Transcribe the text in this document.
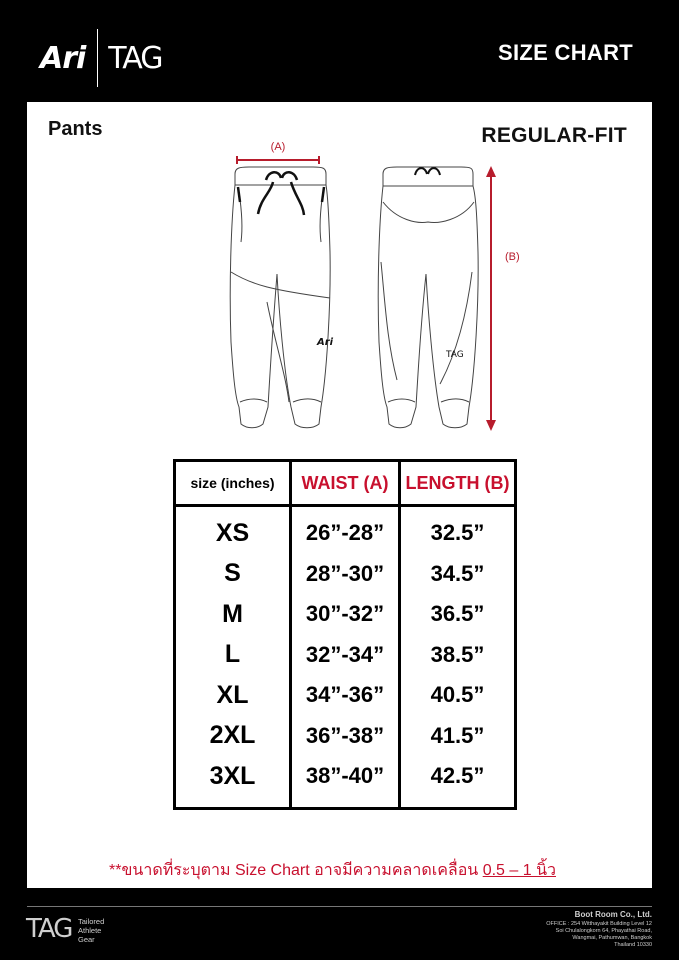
Ari TAG	SIZE CHART
Pants	REGULAR-FIT
(A)
Ari
TAG
(B)
size (inches)	WAIST (A)	LENGTH (B)
XS	26”-28”	32.5”
S	28”-30”	34.5”
M	30”-32”	36.5”
L	32”-34”	38.5”
XL	34”-36”	40.5”
2XL	36”-38”	41.5”
3XL	38”-40”	42.5”
**ขนาดที่ระบุตาม Size Chart อาจมีความคลาดเคลื่อน 0.5 – 1 นิ้ว
TAG Tailored
Athlete
Gear
Boot Room Co., Ltd.
OFFICE : 254 Witthayakit Building Level 12
Soi Chulalongkorn 64, Phayathai Road,
Wangmai, Pathumwan, Bangkok
Thailand 10330
